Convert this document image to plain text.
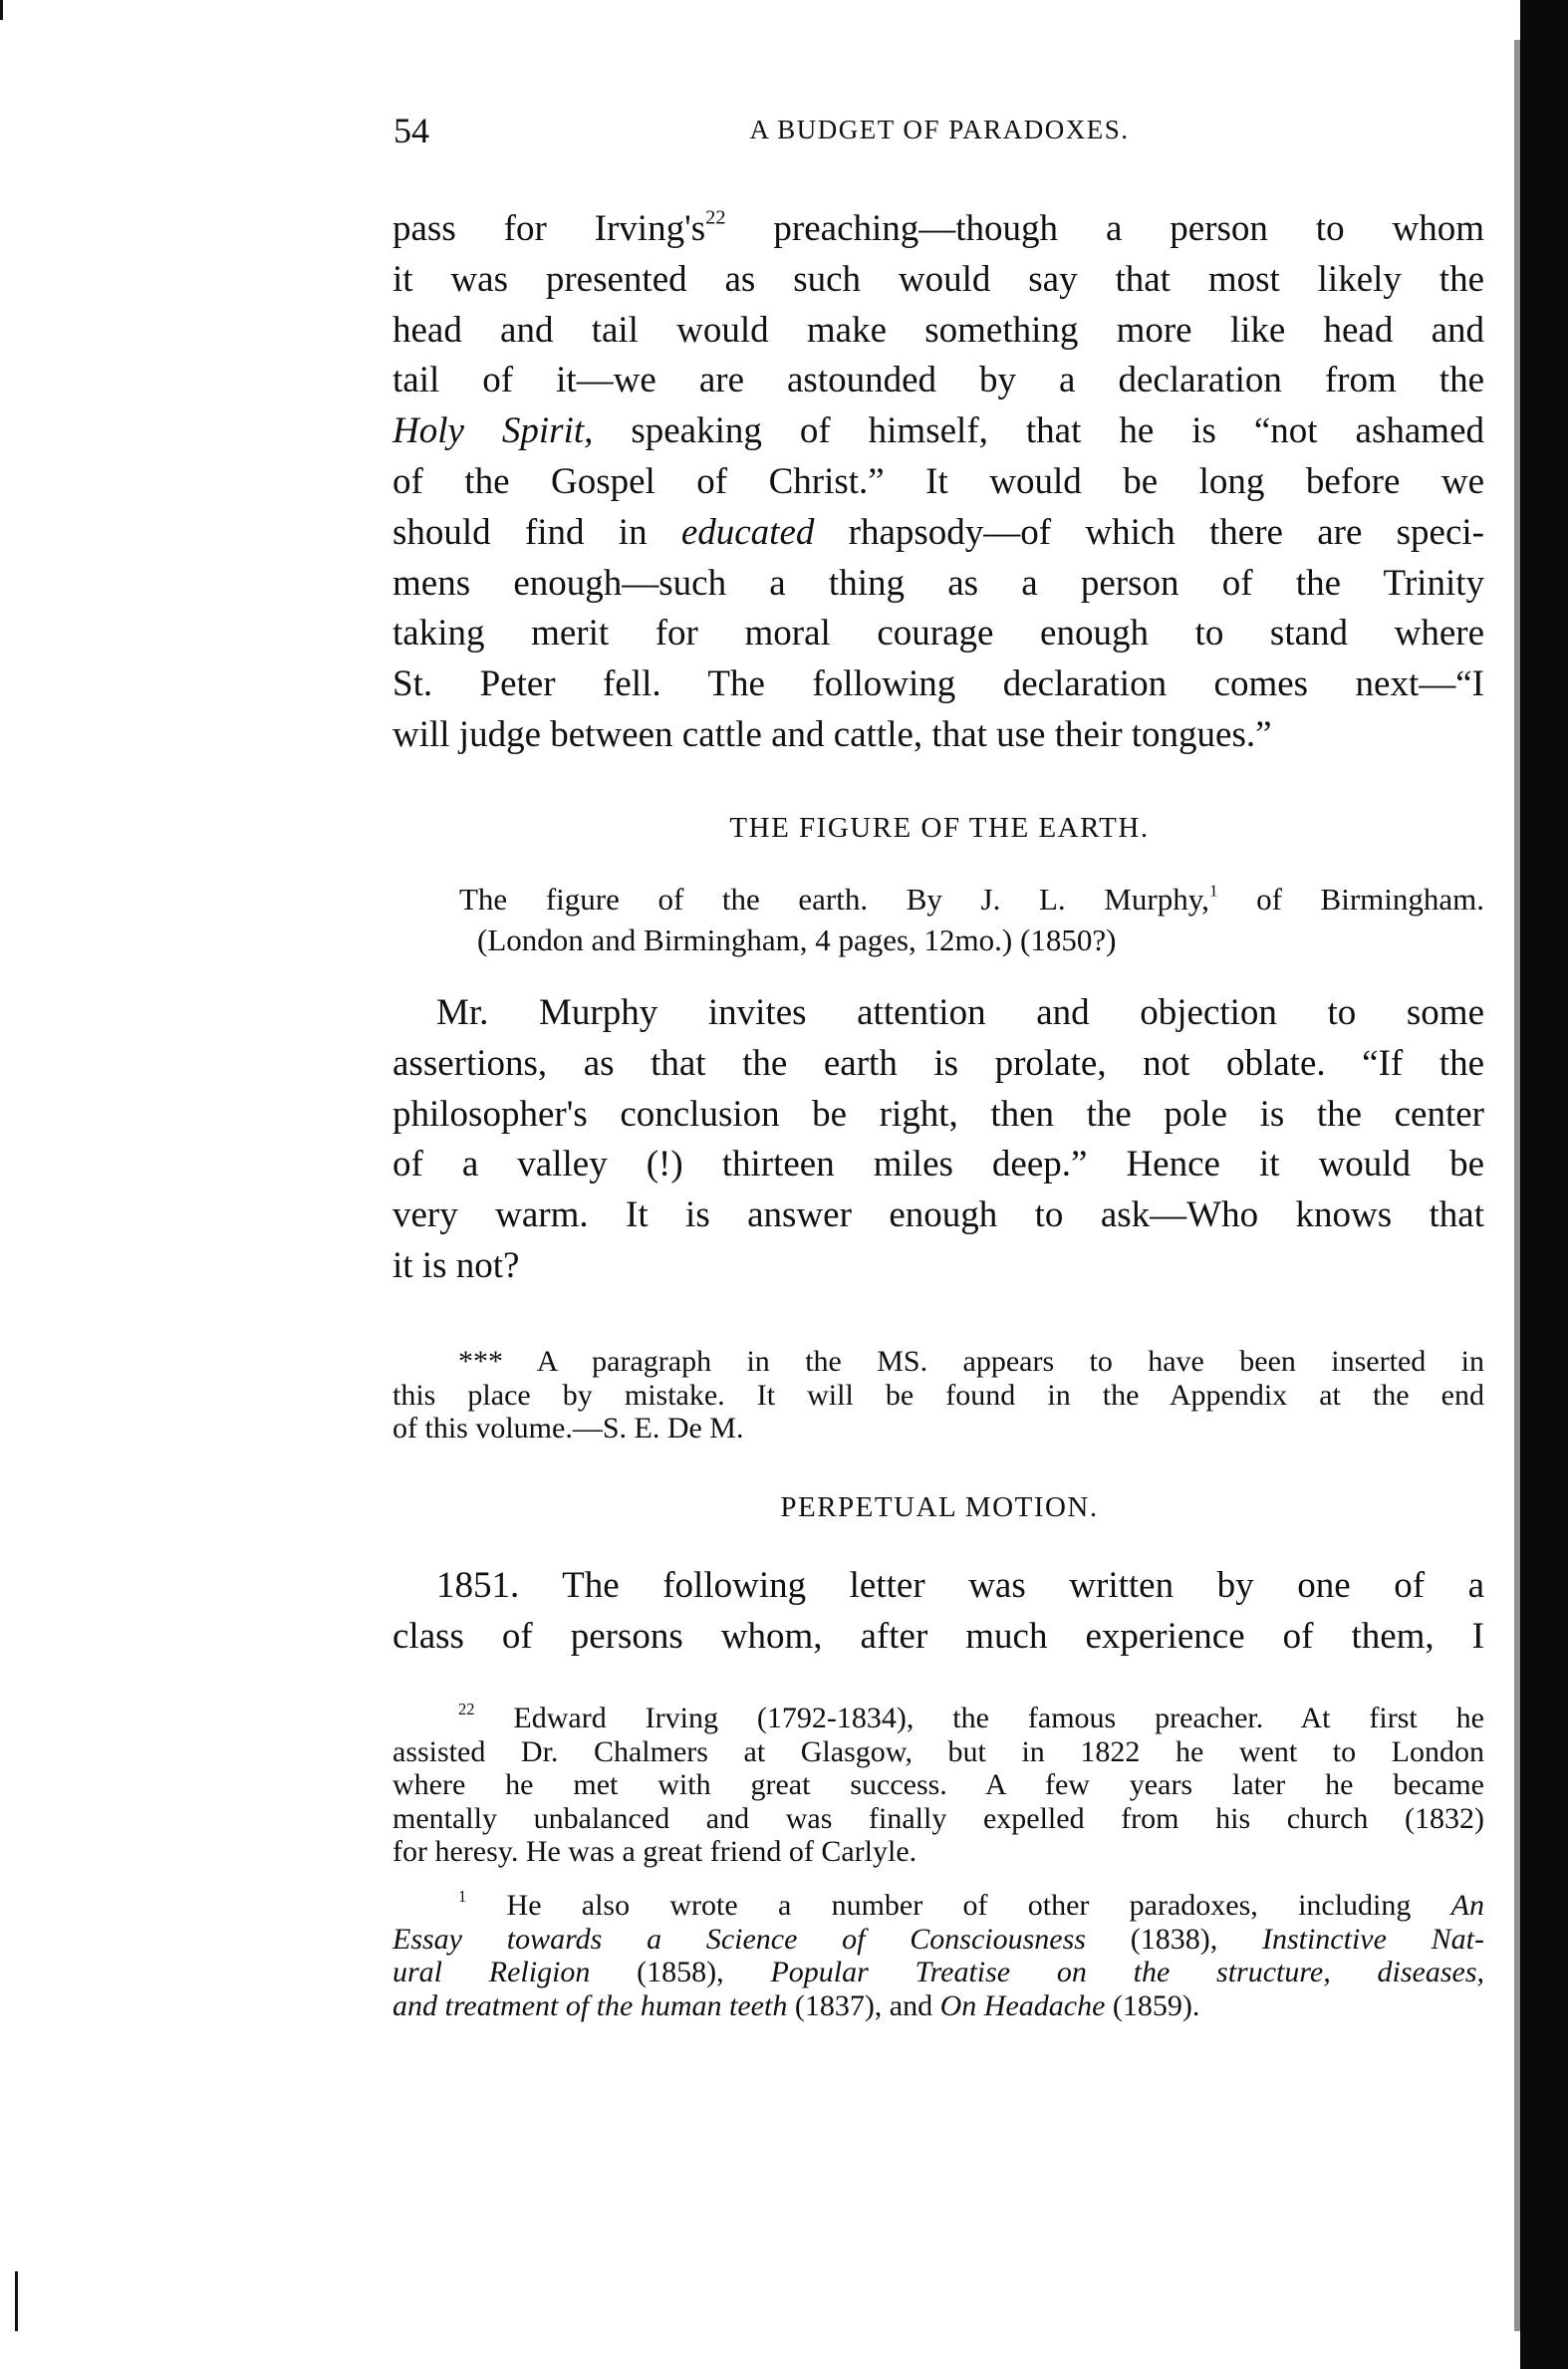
54	A BUDGET OF PARADOXES.
pass for $Irving's^{22}$ preaching—though a person to whom
it was presented as such would say that most likely the
head and tail would make something more like head and
tail of it—we are astounded by a declaration from the
Holy Spirit, speaking of himself, that he is “not ashamed
of the Gospel of Christ.” It would be long before we
should find in educated rhapsody—of which there are speci-
mens enough—such a thing as a person of the Trinity
taking merit for moral courage enough to stand where
St. Peter fell. The following declaration comes next—“I
will judge between cattle and cattle, that use their tongues.”
THE FIGURE OF THE EARTH.
The figure of the earth. By J. L. Murphy,$^1$ of Birmingham.
(London and Birmingham, 4 pages, 12mo.) (1850?)
Mr. Murphy invites attention and objection to some
assertions, as that the earth is prolate, not oblate. “If the
philosopher's conclusion be right, then the pole is the center
of a valley (!) thirteen miles deep.” Hence it would be
very warm. It is answer enough to ask—Who knows that
it is not?
*** A paragraph in the MS. appears to have been inserted in
this place by mistake. It will be found in the Appendix at the end
of this volume.—S. E. De M.
PERPETUAL MOTION.
1851. The following letter was written by one of a
class of persons whom, after much experience of them, I
$^{22}$ Edward Irving (1792-1834), the famous preacher. At first he
assisted Dr. Chalmers at Glasgow, but in 1822 he went to London
where he met with great success. A few years later he became
mentally unbalanced and was finally expelled from his church (1832)
for heresy. He was a great friend of Carlyle.
$^1$ He also wrote a number of other paradoxes, including An
Essay towards a Science of Consciousness (1838), Instinctive Nat-
ural Religion (1858), Popular Treatise on the structure, diseases,
and treatment of the human teeth (1837), and On Headache (1859).
